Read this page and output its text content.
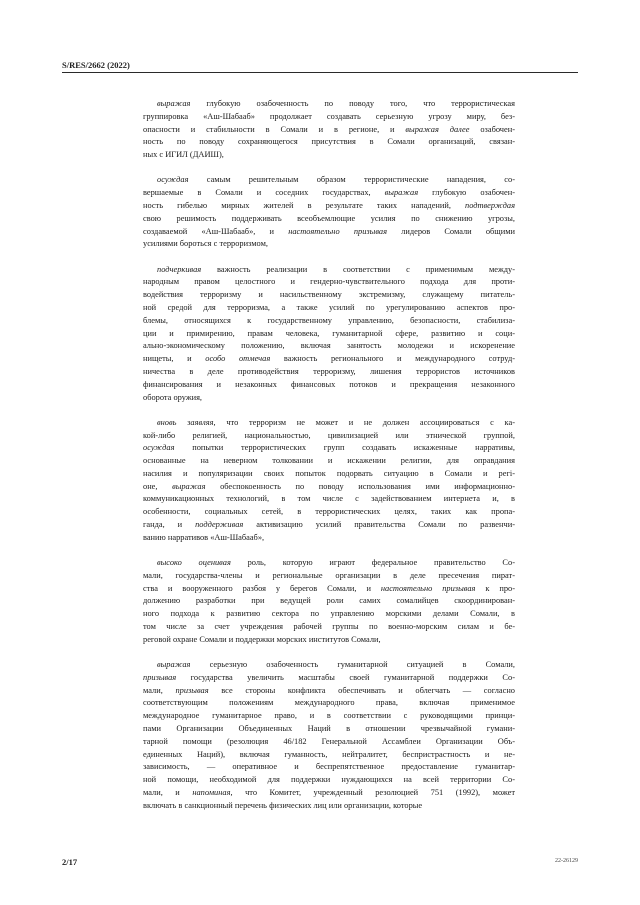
S/RES/2662 (2022)
выражая глубокую озабоченность по поводу того, что террористическая
группировка «Аш-Шабааб» продолжает создавать серьезную угрозу миру, без-
опасности и стабильности в Сомали и в регионе, и выражая далее озабочен-
ность по поводу сохраняющегося присутствия в Сомали организаций, связан-
ных с ИГИЛ (ДАИШ),
осуждая самым решительным образом террористические нападения, со-
вершаемые в Сомали и соседних государствах, выражая глубокую озабочен-
ность гибелью мирных жителей в результате таких нападений, подтверждая
свою решимость поддерживать всеобъемлющие усилия по снижению угрозы,
создаваемой «Аш-Шабааб», и настоятельно призывая лидеров Сомали общими
усилиями бороться с терроризмом,
подчеркивая важность реализации в соответствии с применимым между-
народным правом целостного и гендерно-чувствительного подхода для проти-
водействия терроризму и насильственному экстремизму, служащему питатель-
ной средой для терроризма, а также усилий по урегулированию аспектов про-
блемы, относящихся к государственному управлению, безопасности, стабилиза-
ции и примирению, правам человека, гуманитарной сфере, развитию и соци-
ально-экономическому положению, включая занятость молодежи и искоренение
нищеты, и особо отмечая важность регионального и международного сотруд-
ничества в деле противодействия терроризму, лишения террористов источников
финансирования и незаконных финансовых потоков и прекращения незаконного
оборота оружия,
вновь заявляя, что терроризм не может и не должен ассоциироваться с ка-
кой-либо религией, национальностью, цивилизацией или этнической группой,
осуждая попытки террористических групп создавать искаженные нарративы,
основанные на неверном толковании и искажении религии, для оправдания
насилия и популяризации своих попыток подорвать ситуацию в Сомали и регi-
оне, выражая обеспокоенность по поводу использования ими информационно-
коммуникационных технологий, в том числе с задействованием интернета и, в
особенности, социальных сетей, в террористических целях, таких как пропа-
ганда, и поддерживая активизацию усилий правительства Сомали по развенчи-
ванию нарративов «Аш-Шабааб»,
высоко оценивая роль, которую играют федеральное правительство Со-
мали, государства-члены и региональные организации в деле пресечения пират-
ства и вооруженного разбоя у берегов Сомали, и настоятельно призывая к про-
должению разработки при ведущей роли самих сомалийцев скоординирован-
ного подхода к развитию сектора по управлению морскими делами Сомали, в
том числе за счет учреждения рабочей группы по военно-морским силам и бе-
реговой охране Сомали и поддержки морских институтов Сомали,
выражая серьезную озабоченность гуманитарной ситуацией в Сомали,
призывая государства увеличить масштабы своей гуманитарной поддержки Со-
мали, призывая все стороны конфликта обеспечивать и облегчать — согласно
соответствующим положениям международного права, включая применимое
международное гуманитарное право, и в соответствии с руководящими принци-
пами Организации Объединенных Наций в отношении чрезвычайной гумани-
тарной помощи (резолюция 46/182 Генеральной Ассамблеи Организации Объ-
единенных Наций), включая гуманность, нейтралитет, беспристрастность и не-
зависимость, — оперативное и беспрепятственное предоставление гуманитар-
ной помощи, необходимой для поддержки нуждающихся на всей территории Со-
мали, и напоминая, что Комитет, учрежденный резолюцией 751 (1992), может
включать в санкционный перечень физических лиц или организации, которые
2/17	22-26129
